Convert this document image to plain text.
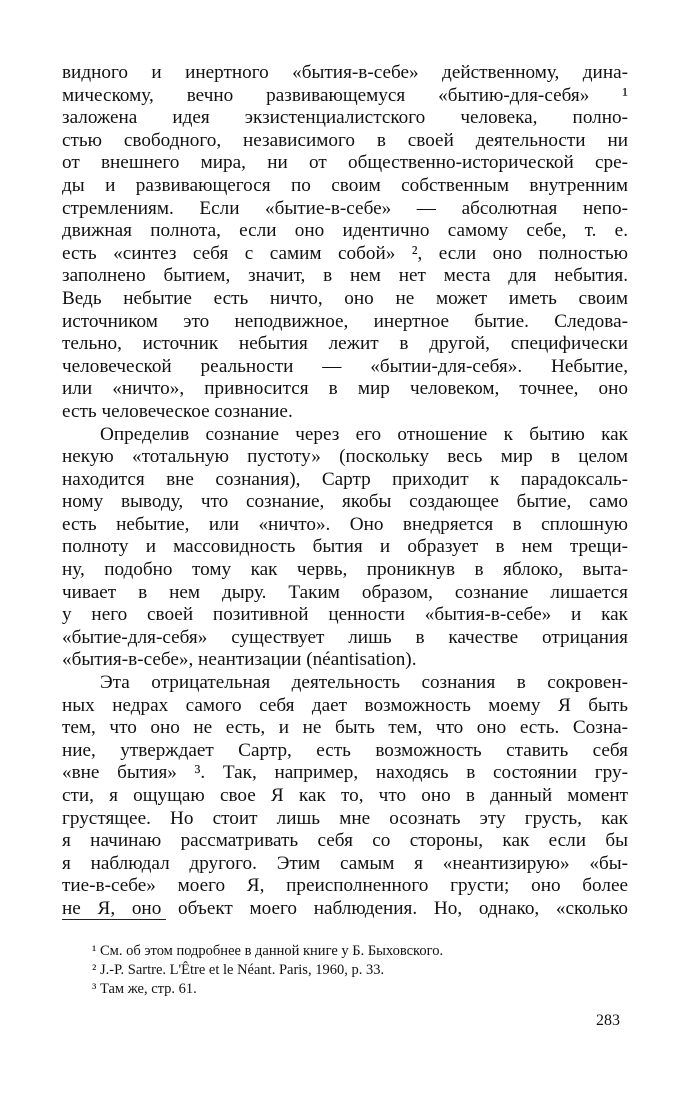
видного и инертного «бытия-в-себе» действенному, дина-
мическому, вечно развивающемуся «бытию-для-себя» ¹
заложена идея экзистенциалистского человека, полно-
стью свободного, независимого в своей деятельности ни
от внешнего мира, ни от общественно-исторической сре-
ды и развивающегося по своим собственным внутренним
стремлениям. Если «бытие-в-себе» — абсолютная непо-
движная полнота, если оно идентично самому себе, т. е.
есть «синтез себя с самим собой» ², если оно полностью
заполнено бытием, значит, в нем нет места для небытия.
Ведь небытие есть ничто, оно не может иметь своим
источником это неподвижное, инертное бытие. Следова-
тельно, источник небытия лежит в другой, специфически
человеческой реальности — «бытии-для-себя». Небытие,
или «ничто», привносится в мир человеком, точнее, оно
есть человеческое сознание.
Определив сознание через его отношение к бытию как
некую «тотальную пустоту» (поскольку весь мир в целом
находится вне сознания), Сартр приходит к парадоксаль-
ному выводу, что сознание, якобы создающее бытие, само
есть небытие, или «ничто». Оно внедряется в сплошную
полноту и массовидность бытия и образует в нем трещи-
ну, подобно тому как червь, проникнув в яблоко, выта-
чивает в нем дыру. Таким образом, сознание лишается
у него своей позитивной ценности «бытия-в-себе» и как
«бытие-для-себя» существует лишь в качестве отрицания
«бытия-в-себе», неантизации (néantisation).
Эта отрицательная деятельность сознания в сокровен-
ных недрах самого себя дает возможность моему Я быть
тем, что оно не есть, и не быть тем, что оно есть. Созна-
ние, утверждает Сартр, есть возможность ставить себя
«вне бытия» ³. Так, например, находясь в состоянии гру-
сти, я ощущаю свое Я как то, что оно в данный момент
грустящее. Но стоит лишь мне осознать эту грусть, как
я начинаю рассматривать себя со стороны, как если бы
я наблюдал другого. Этим самым я «неантизирую» «бы-
тие-в-себе» моего Я, преисполненного грусти; оно более
не Я, оно объект моего наблюдения. Но, однако, «сколько
¹ См. об этом подробнее в данной книге у Б. Быховского.
² J.-P. Sartre. L'Être et le Néant. Paris, 1960, p. 33.
³ Там же, стр. 61.
283
